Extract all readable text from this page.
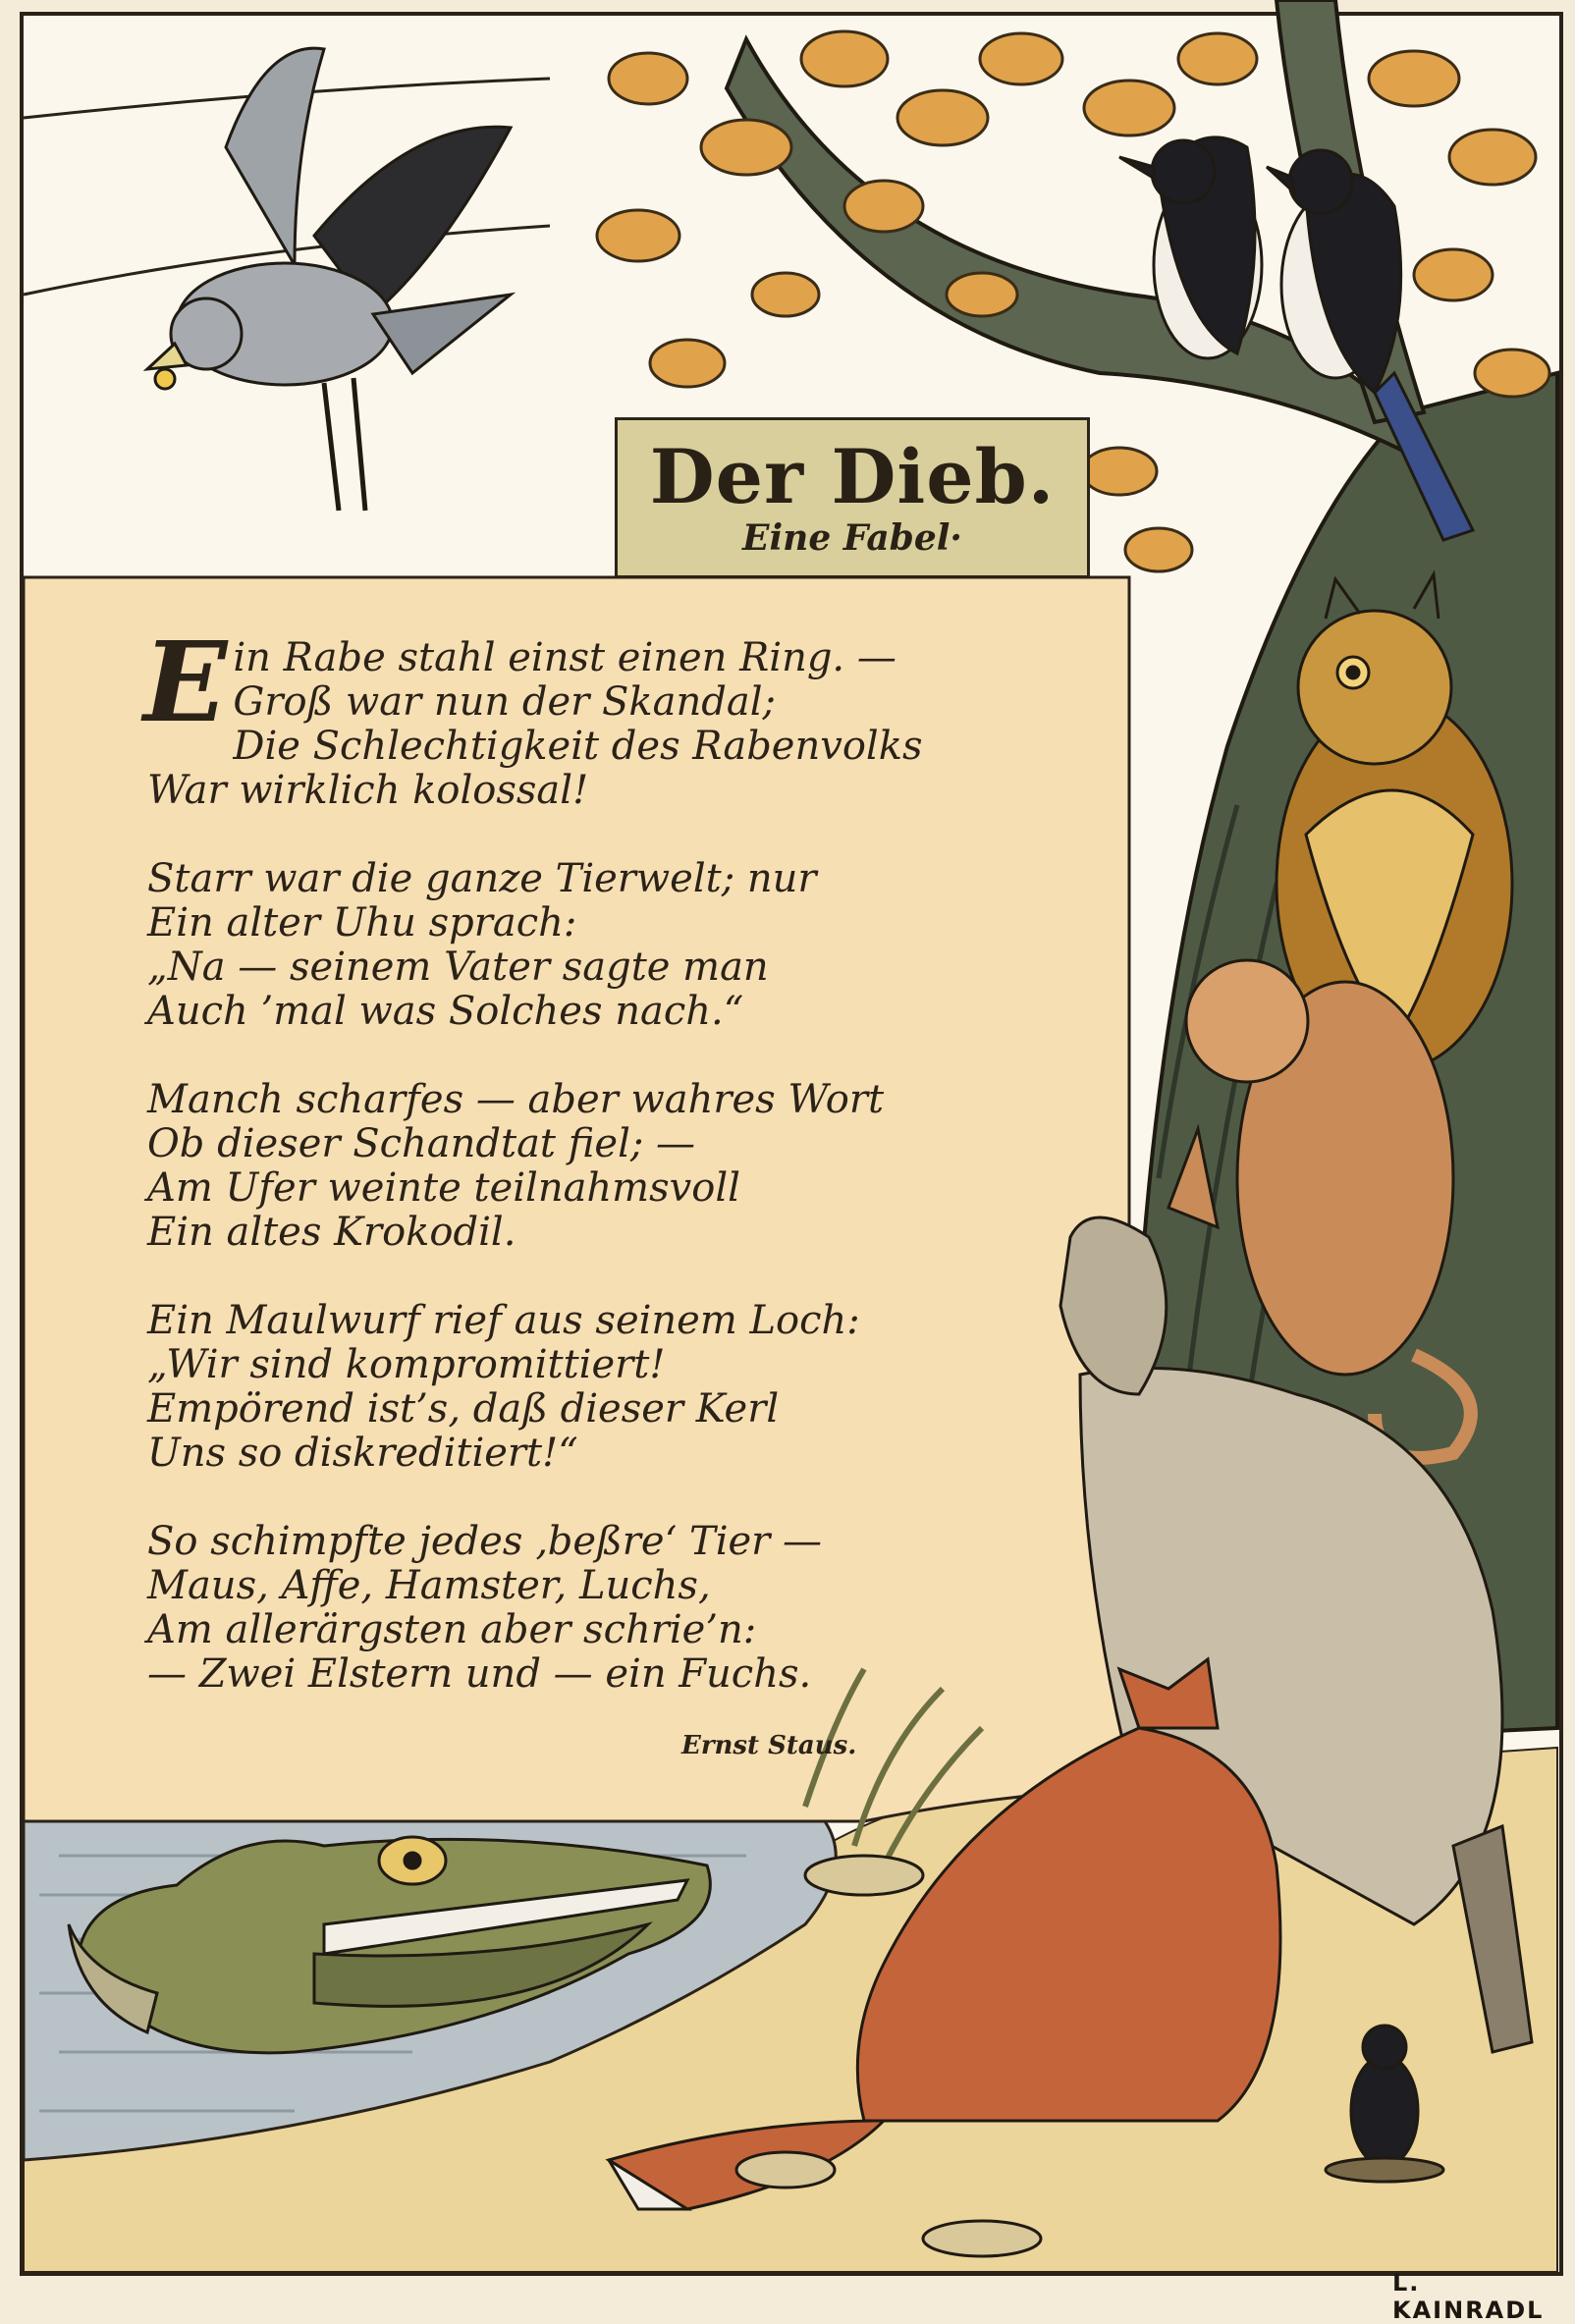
Der Dieb.
Eine Fabel·
E in Rabe stahl einst einen Ring. —
Groß war nun der Skandal;
Die Schlechtigkeit des Rabenvolks
War wirklich kolossal!
Starr war die ganze Tierwelt; nur
Ein alter Uhu sprach:
„Na — seinem Vater sagte man
Auch ’mal was Solches nach.“
Manch scharfes — aber wahres Wort
Ob dieser Schandtat fiel; —
Am Ufer weinte teilnahmsvoll
Ein altes Krokodil.
Ein Maulwurf rief aus seinem Loch:
„Wir sind kompromittiert!
Empörend ist’s, daß dieser Kerl
Uns so diskreditiert!“
So schimpfte jedes ‚beßre‘ Tier —
Maus, Affe, Hamster, Luchs,
Am allerärgsten aber schrie’n:
— Zwei Elstern und — ein Fuchs.
Ernst Staus.
L. KAINRADL
